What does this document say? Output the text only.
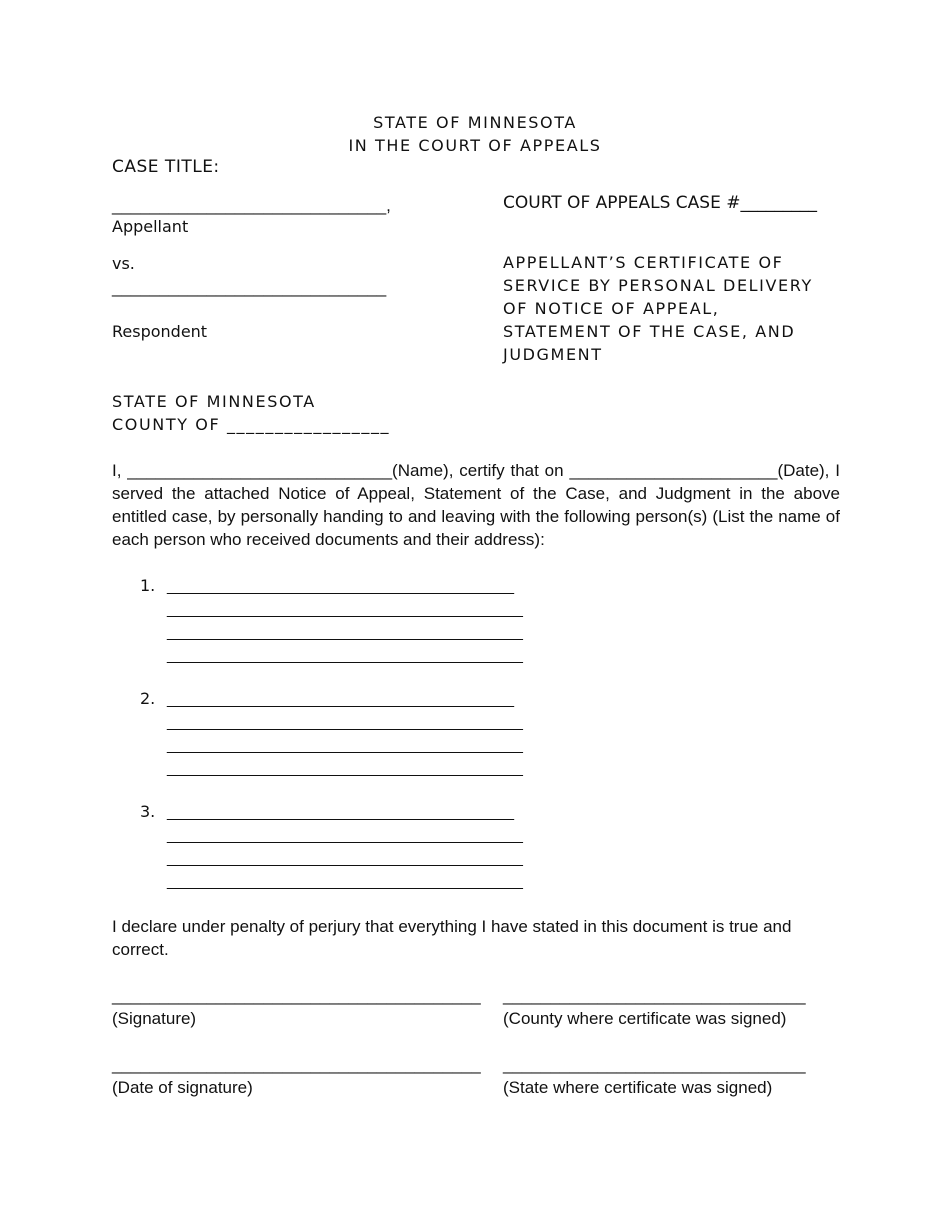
STATE OF MINNESOTA
IN THE COURT OF APPEALS
CASE TITLE:
_____________________________,
Appellant
COURT OF APPEALS CASE #_________
vs.
_____________________________
Respondent
APPELLANT’S CERTIFICATE OF
SERVICE BY PERSONAL DELIVERY
OF NOTICE OF APPEAL,
STATEMENT OF THE CASE, AND
JUDGMENT
STATE OF MINNESOTA
COUNTY OF _________________
I, ____________________________(Name), certify that on ______________________(Date), I served the attached Notice of Appeal, Statement of the Case, and Judgment in the above entitled case, by personally handing to and leaving with the following person(s) (List the name of each person who received documents and their address):
1. _______________________________________
________________________________________
________________________________________
________________________________________
2. _______________________________________
________________________________________
________________________________________
________________________________________
3. _______________________________________
________________________________________
________________________________________
________________________________________
I declare under penalty of perjury that everything I have stated in this document is true and correct.
_______________________________________
(Signature)
________________________________
(County where certificate was signed)
_______________________________________
(Date of signature)
________________________________
(State where certificate was signed)
